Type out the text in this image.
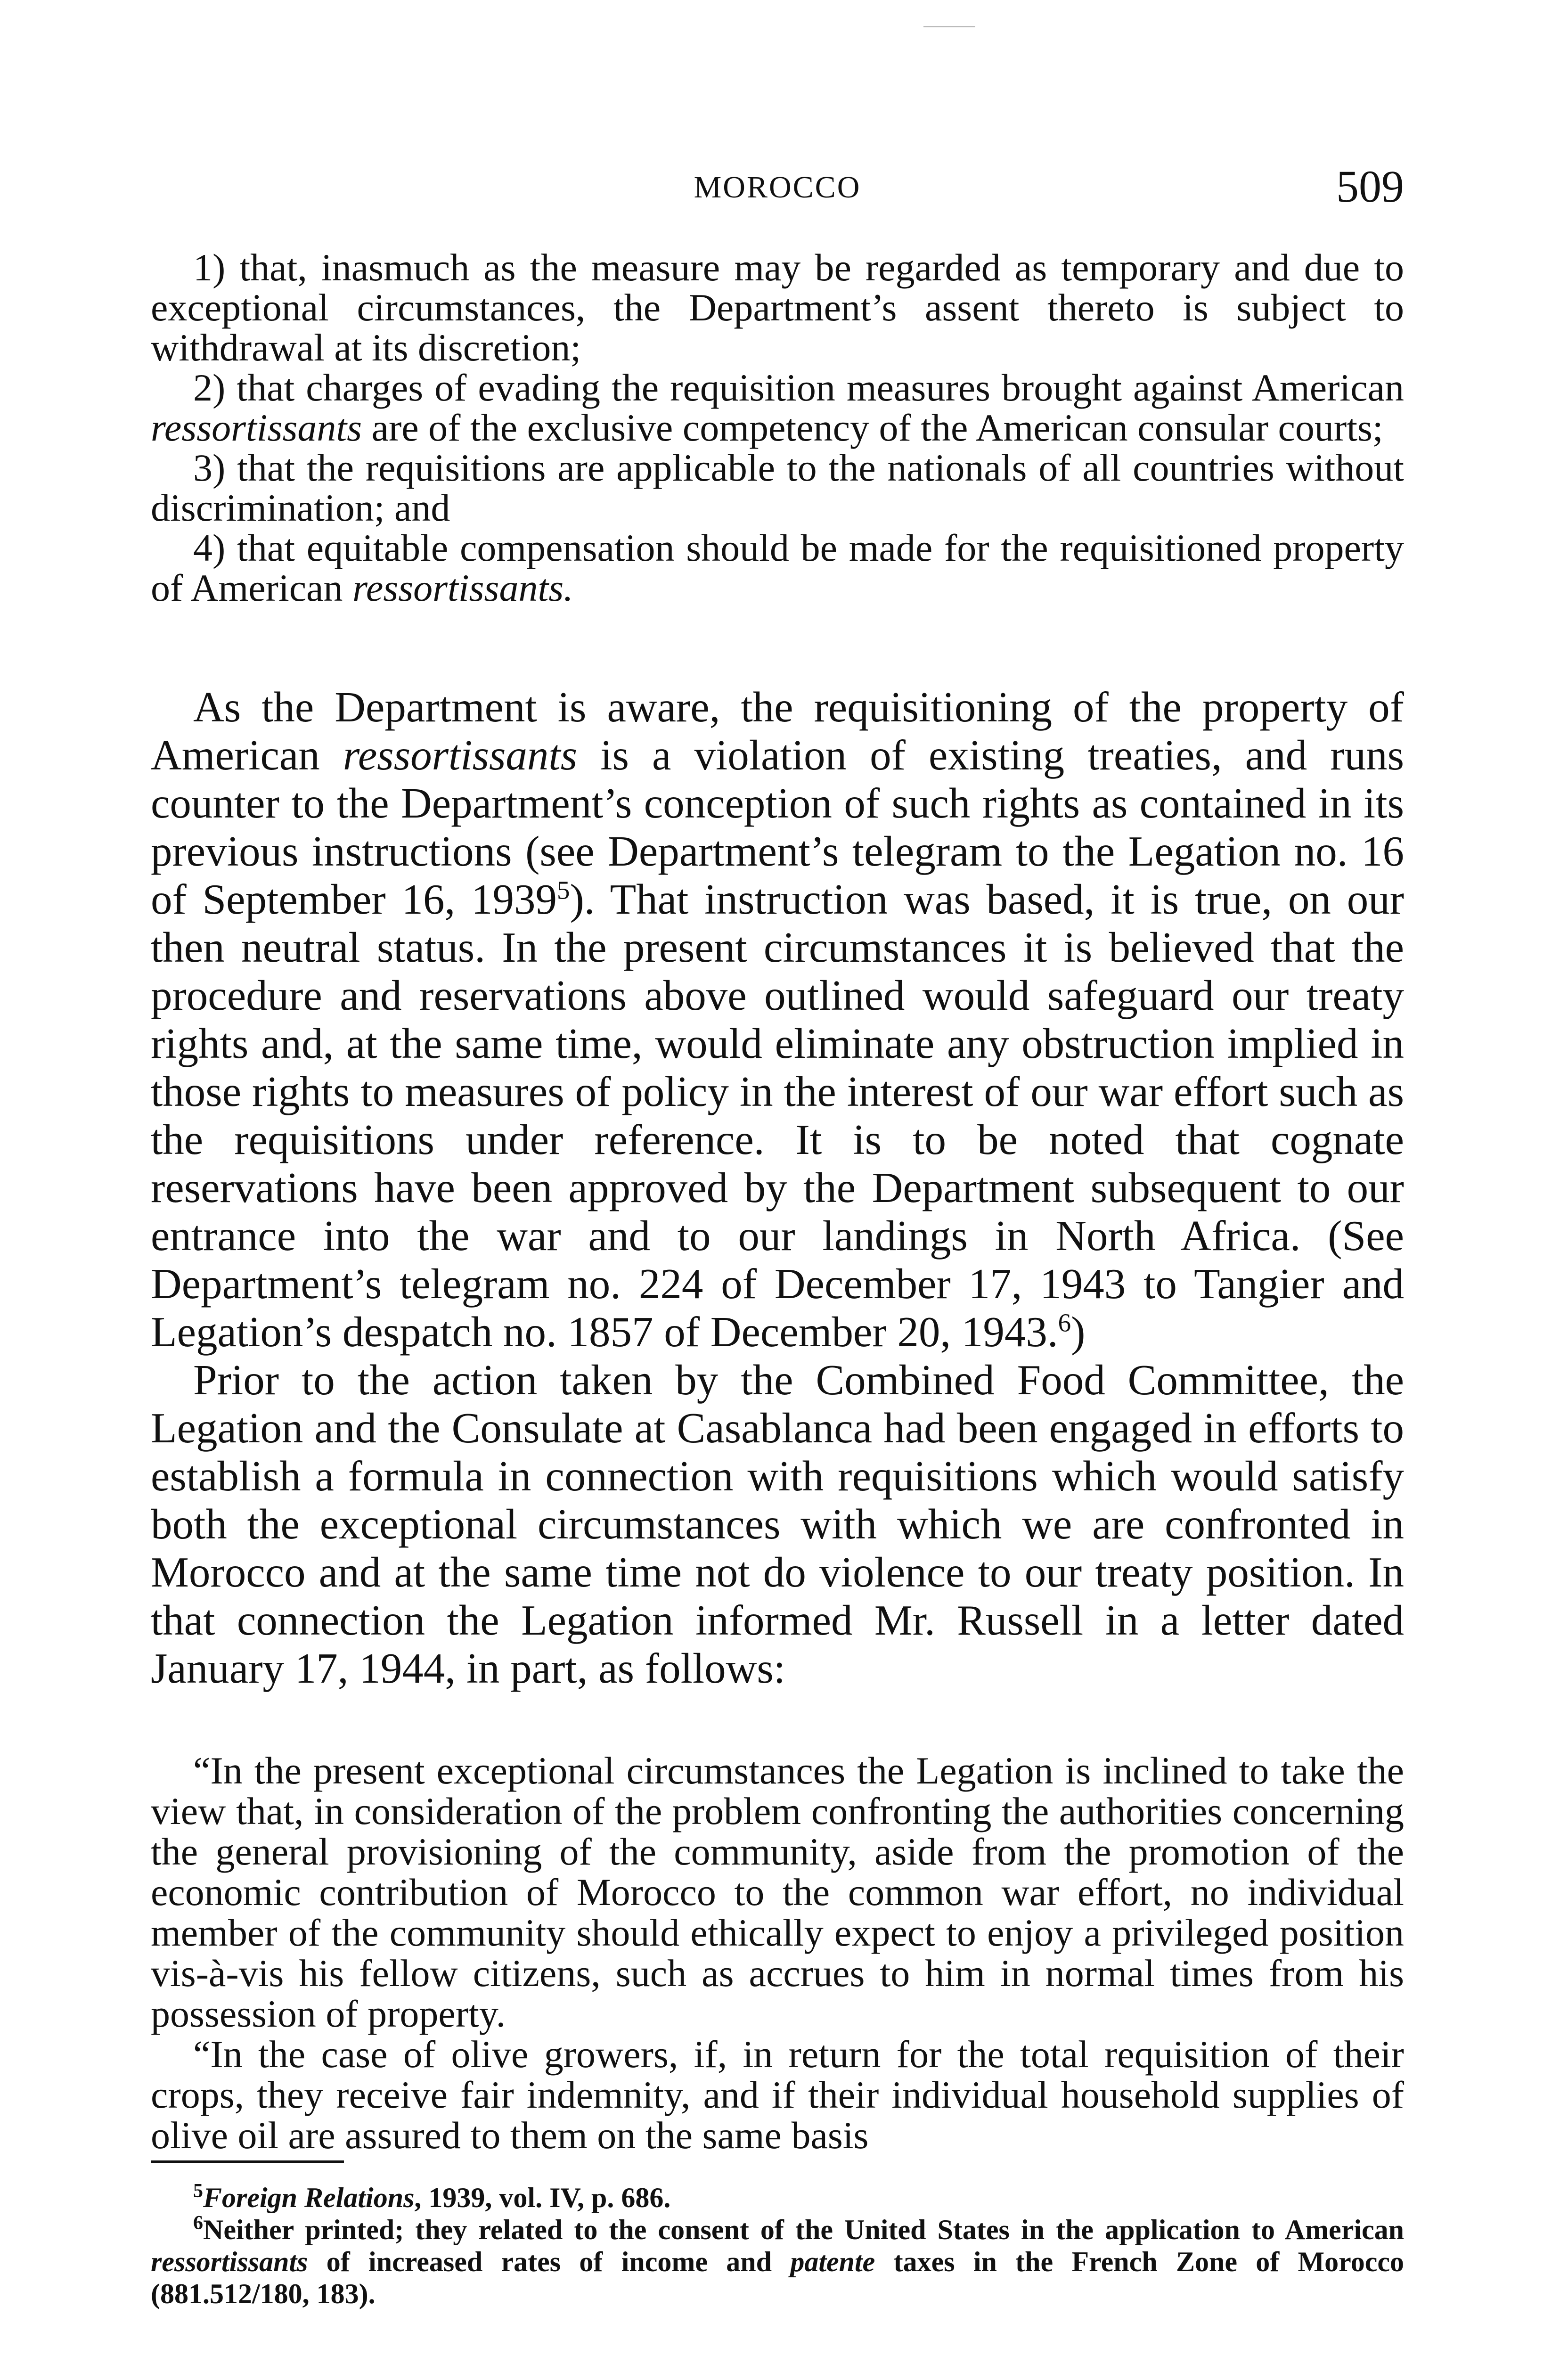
MOROCCO	509

1) that, inasmuch as the measure may be regarded as temporary and due to exceptional circumstances, the Department’s assent thereto is subject to withdrawal at its discretion;

2) that charges of evading the requisition measures brought against American ressortissants are of the exclusive competency of the American consular courts;

3) that the requisitions are applicable to the nationals of all countries without discrimination; and

4) that equitable compensation should be made for the requisitioned property of American ressortissants.

As the Department is aware, the requisitioning of the property of American ressortissants is a violation of existing treaties, and runs counter to the Department’s conception of such rights as contained in its previous instructions (see Department’s telegram to the Legation no. 16 of September 16, 1939$^5$). That instruction was based, it is true, on our then neutral status. In the present circumstances it is believed that the procedure and reservations above outlined would safeguard our treaty rights and, at the same time, would eliminate any obstruction implied in those rights to measures of policy in the interest of our war effort such as the requisitions under reference. It is to be noted that cognate reservations have been approved by the Department subsequent to our entrance into the war and to our landings in North Africa. (See Department’s telegram no. 224 of December 17, 1943 to Tangier and Legation’s despatch no. 1857 of December 20, 1943.$^6$)

Prior to the action taken by the Combined Food Committee, the Legation and the Consulate at Casablanca had been engaged in efforts to establish a formula in connection with requisitions which would satisfy both the exceptional circumstances with which we are confronted in Morocco and at the same time not do violence to our treaty position. In that connection the Legation informed Mr. Russell in a letter dated January 17, 1944, in part, as follows:

“In the present exceptional circumstances the Legation is inclined to take the view that, in consideration of the problem confronting the authorities concerning the general provisioning of the community, aside from the promotion of the economic contribution of Morocco to the common war effort, no individual member of the community should ethically expect to enjoy a privileged position vis-à-vis his fellow citizens, such as accrues to him in normal times from his possession of property.

“In the case of olive growers, if, in return for the total requisition of their crops, they receive fair indemnity, and if their individual household supplies of olive oil are assured to them on the same basis

$^5$Foreign Relations, 1939, vol. IV, p. 686.

$^6$Neither printed; they related to the consent of the United States in the application to American ressortissants of increased rates of income and patente taxes in the French Zone of Morocco (881.512/180, 183).
